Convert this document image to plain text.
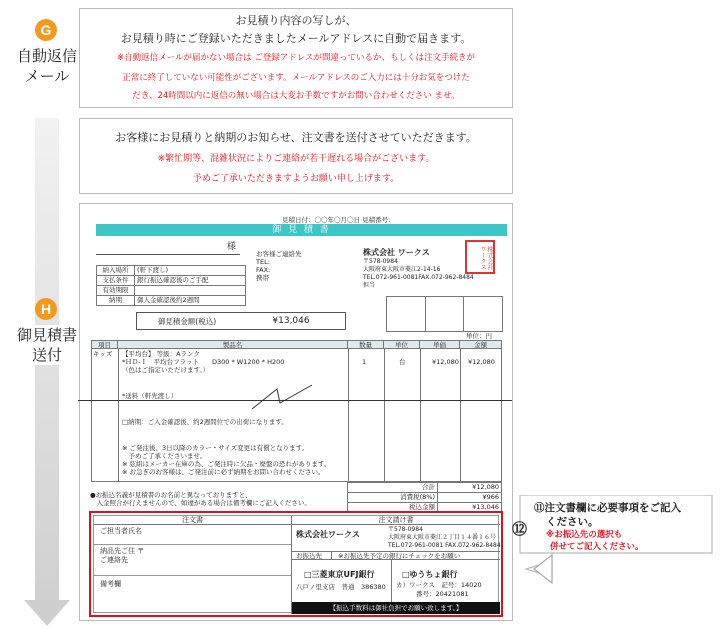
G
自動返信
メール
H
御見積書
送付
お見積り内容の写しが、
お見積り時にご登録いただきましたメールアドレスに自動で届きます。
※自動返信メールが届かない場合は ご登録アドレスが間違っているか、もしくは注文手続きが
正常に終了していない可能性がございます。メールアドレスのご入力には十分お気をつけた
だき、24時間以内に返信の無い場合は大変お手数ですがお問い合わせください ませ。
お客様にお見積りと納期のお知らせ、注文書を送付させていただきます。
※繁忙期等、混雑状況によりご連絡が若干遅れる場合がございます。
予めご了承いただきますようお願い申し上げます。
見積日付：〇〇年〇月〇日 見積番号：
御 見 積 書
様
お客様ご連絡先
TEL:
FAX:
携帯
株式会社 ワークス
〒578-0984
大阪府東大阪市菱江2-14-16
TEL.072-961-0081FAX.072-962-8484
担当
株式会社ワークス
納入場所	(軒下渡し)
支払条件	銀行振込確認後のご手配
有効期限	
納期	御入金確認後約2週間
御見積金額(税込)	¥13,046
単位：円
項目	製品名	数量	単位	単価	金額
キッズ 【平均台】 等級：Aランク
*ＨＤ-Ｉ　平均台フラット　　D300 * W1200 * H200
（色はご指定いただけます。）
1	台	¥12,080 ¥12,080
*送料（軒先渡し）
□納期：ご入金確認後、約2週間位での出荷になります。
※ ご発注後、3日以降のカラー・サイズ変更は有償となります。
　予めご了承くださいませ。
※ 弦組はメーカー在庫の為、ご発注時に欠品・廃盤の恐れがあります。
※ お急ぎのお客様は、ご発注前に必ず納期をお問い合わせください。
合計	¥12,080
消費税(8%)	¥966
税込金額	¥13,046
●お振込名義が見積書のお名前と異なっておりますと、
　入金照合が行えませんので、如違がある場合は備考欄にご記入ください。
注文書
ご担当者氏名
納品先ご住 〒
ご連絡先
備考欄
注文請け書
株式会社ワークス
〒578-0984
大阪府東大阪市菱江２丁目１４番１６号
TEL.072-961-0081 FAX.072-962-8484
お振込先	※お振込先予定の銀行にチェックをお願い
□三菱東京UFJ銀行
八戸ノ里支店　普通　386380
□ゆうちょ銀行
カ）ワークス　記号：14020
番号：20421081
【振込手数料は御社負担でお願い致します。】
⑫
⑪注文書欄に必要事項をご記入
ください。
※お振込先の選択も
併せてご記入ください。
